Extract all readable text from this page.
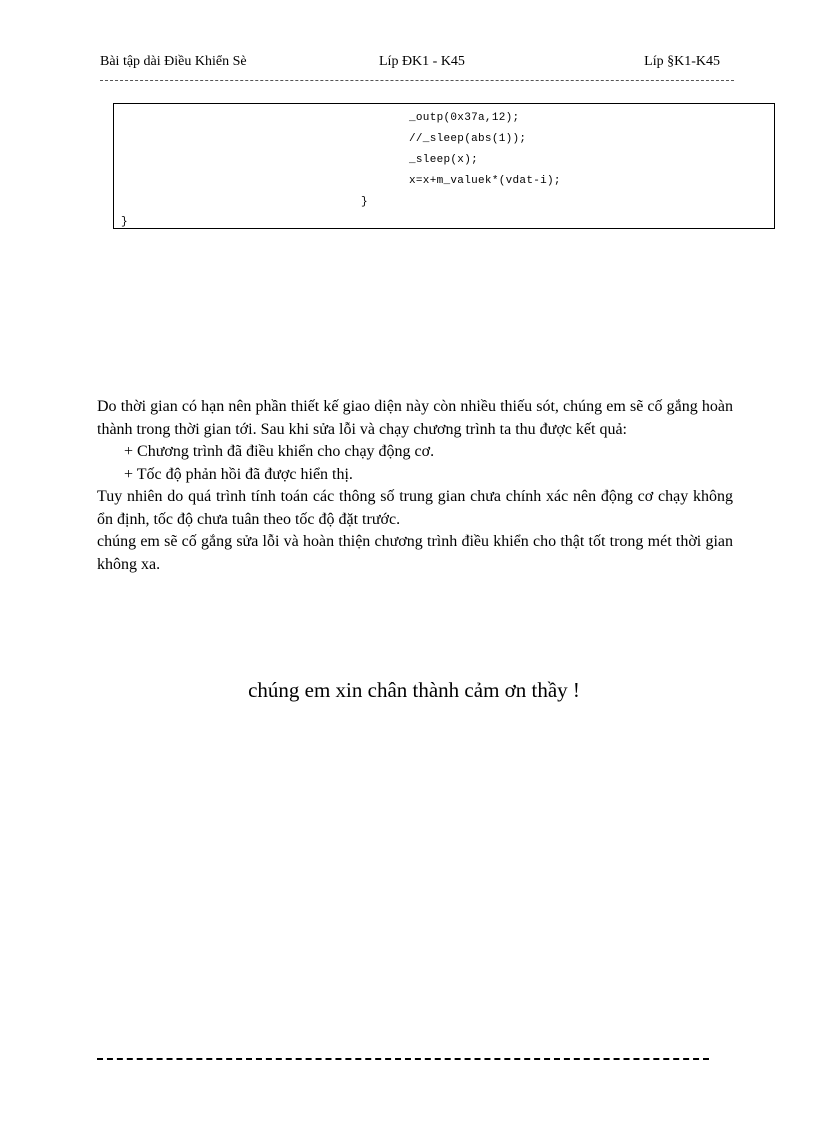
Bài tập dài Điều Khiển Sè	Líp ĐK1 - K45	Líp §K1-K45
_outp(0x37a,12);
//_sleep(abs(1));
_sleep(x);
x=x+m_valuek*(vdat-i);
}
}

Do thời gian có hạn nên phần thiết kế giao diện này còn nhiều thiếu sót, chúng em sẽ cố gắng hoàn thành trong thời gian tới. Sau khi sửa lỗi và chạy chương trình ta thu được kết quả:

+ Chương trình đã điều khiển cho chạy động cơ.

+ Tốc độ phản hồi đã được hiển thị.

Tuy nhiên do quá trình tính toán các thông số trung gian chưa chính xác nên động cơ chạy không ổn định, tốc độ chưa tuân theo tốc độ đặt trước.

chúng em sẽ cố gắng sửa lỗi và hoàn thiện chương trình điều khiển cho thật tốt trong mét thời gian không xa.

chúng em xin chân thành cảm ơn thầy !
